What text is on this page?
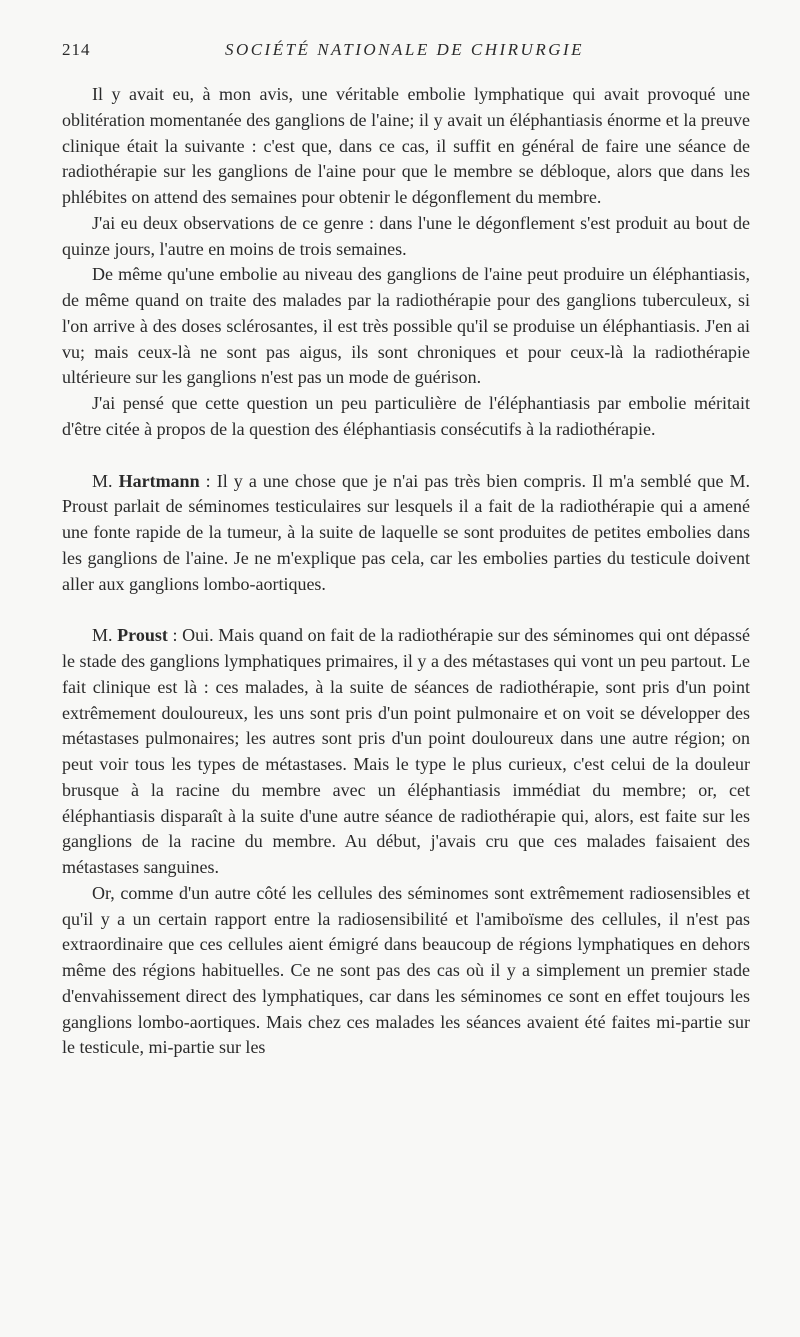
214	SOCIÉTÉ NATIONALE DE CHIRURGIE

Il y avait eu, à mon avis, une véritable embolie lymphatique qui avait provoqué une oblitération momentanée des ganglions de l'aine; il y avait un éléphantiasis énorme et la preuve clinique était la suivante : c'est que, dans ce cas, il suffit en général de faire une séance de radiothérapie sur les ganglions de l'aine pour que le membre se débloque, alors que dans les phlébites on attend des semaines pour obtenir le dégonflement du membre.

J'ai eu deux observations de ce genre : dans l'une le dégonflement s'est produit au bout de quinze jours, l'autre en moins de trois semaines.

De même qu'une embolie au niveau des ganglions de l'aine peut produire un éléphantiasis, de même quand on traite des malades par la radiothérapie pour des ganglions tuberculeux, si l'on arrive à des doses sclérosantes, il est très possible qu'il se produise un éléphantiasis. J'en ai vu; mais ceux-là ne sont pas aigus, ils sont chroniques et pour ceux-là la radiothérapie ultérieure sur les ganglions n'est pas un mode de guérison.

J'ai pensé que cette question un peu particulière de l'éléphantiasis par embolie méritait d'être citée à propos de la question des éléphantiasis consécutifs à la radiothérapie.

M. Hartmann : Il y a une chose que je n'ai pas très bien compris. Il m'a semblé que M. Proust parlait de séminomes testiculaires sur lesquels il a fait de la radiothérapie qui a amené une fonte rapide de la tumeur, à la suite de laquelle se sont produites de petites embolies dans les ganglions de l'aine. Je ne m'explique pas cela, car les embolies parties du testicule doivent aller aux ganglions lombo-aortiques.

M. Proust : Oui. Mais quand on fait de la radiothérapie sur des séminomes qui ont dépassé le stade des ganglions lymphatiques primaires, il y a des métastases qui vont un peu partout. Le fait clinique est là : ces malades, à la suite de séances de radiothérapie, sont pris d'un point extrêmement douloureux, les uns sont pris d'un point pulmonaire et on voit se développer des métastases pulmonaires; les autres sont pris d'un point douloureux dans une autre région; on peut voir tous les types de métastases. Mais le type le plus curieux, c'est celui de la douleur brusque à la racine du membre avec un éléphantiasis immédiat du membre; or, cet éléphantiasis disparaît à la suite d'une autre séance de radiothérapie qui, alors, est faite sur les ganglions de la racine du membre. Au début, j'avais cru que ces malades faisaient des métastases sanguines.

Or, comme d'un autre côté les cellules des séminomes sont extrêmement radiosensibles et qu'il y a un certain rapport entre la radiosensibilité et l'amiboïsme des cellules, il n'est pas extraordinaire que ces cellules aient émigré dans beaucoup de régions lymphatiques en dehors même des régions habituelles. Ce ne sont pas des cas où il y a simplement un premier stade d'envahissement direct des lymphatiques, car dans les séminomes ce sont en effet toujours les ganglions lombo-aortiques. Mais chez ces malades les séances avaient été faites mi-partie sur le testicule, mi-partie sur les
